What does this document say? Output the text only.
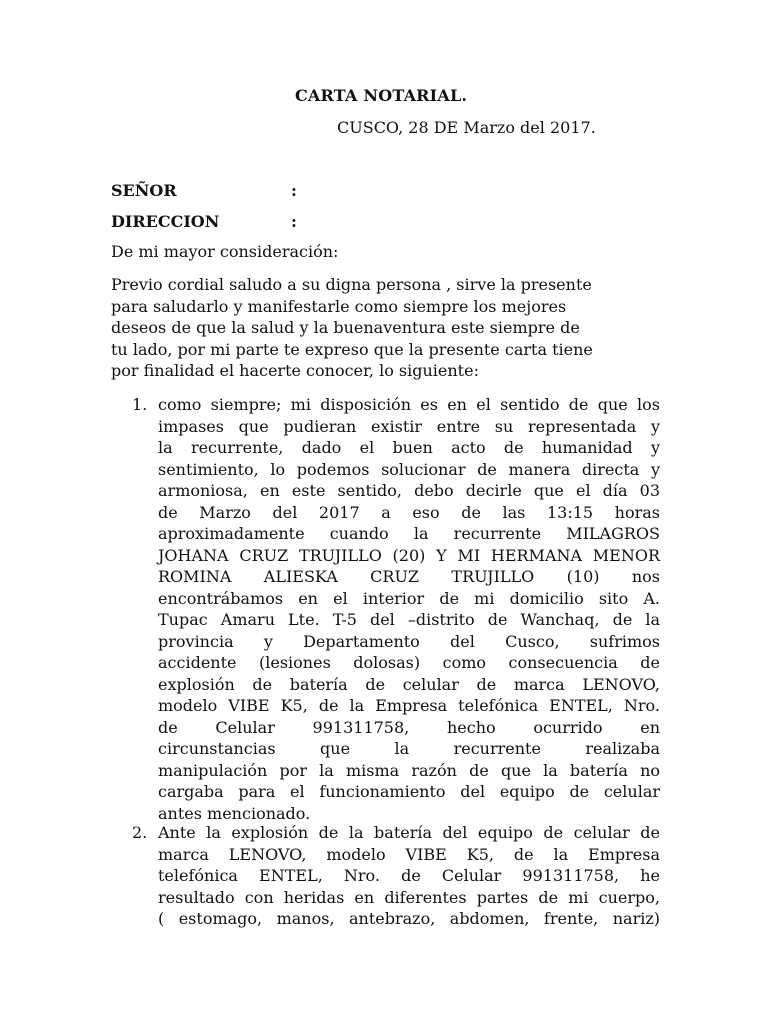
CARTA NOTARIAL.
CUSCO, 28 DE Marzo del 2017.
SEÑOR	:
DIRECCION	:
De mi mayor consideración:
Previo cordial saludo a su digna persona , sirve la presente
para saludarlo y manifestarle como siempre los mejores
deseos de que la salud y la buenaventura este siempre de
tu lado, por mi parte te expreso que la presente carta tiene
por finalidad el hacerte conocer, lo siguiente:
1. como siempre; mi disposición es en el sentido de que los
impases que pudieran existir entre su representada y
la recurrente, dado el buen acto de humanidad y
sentimiento, lo podemos solucionar de manera directa y
armoniosa, en este sentido, debo decirle que el día 03
de Marzo del 2017 a eso de las 13:15 horas
aproximadamente cuando la recurrente MILAGROS
JOHANA CRUZ TRUJILLO (20) Y MI HERMANA MENOR
ROMINA ALIESKA CRUZ TRUJILLO (10) nos
encontrábamos en el interior de mi domicilio sito A.
Tupac Amaru Lte. T-5 del –distrito de Wanchaq, de la
provincia y Departamento del Cusco, sufrimos
accidente (lesiones dolosas) como consecuencia de
explosión de batería de celular de marca LENOVO,
modelo VIBE K5, de la Empresa telefónica ENTEL, Nro.
de Celular 991311758, hecho ocurrido en
circunstancias que la recurrente realizaba
manipulación por la misma razón de que la batería no
cargaba para el funcionamiento del equipo de celular
antes mencionado.
2. Ante la explosión de la batería del equipo de celular de
marca LENOVO, modelo VIBE K5, de la Empresa
telefónica ENTEL, Nro. de Celular 991311758, he
resultado con heridas en diferentes partes de mi cuerpo,
( estomago, manos, antebrazo, abdomen, frente, nariz)
